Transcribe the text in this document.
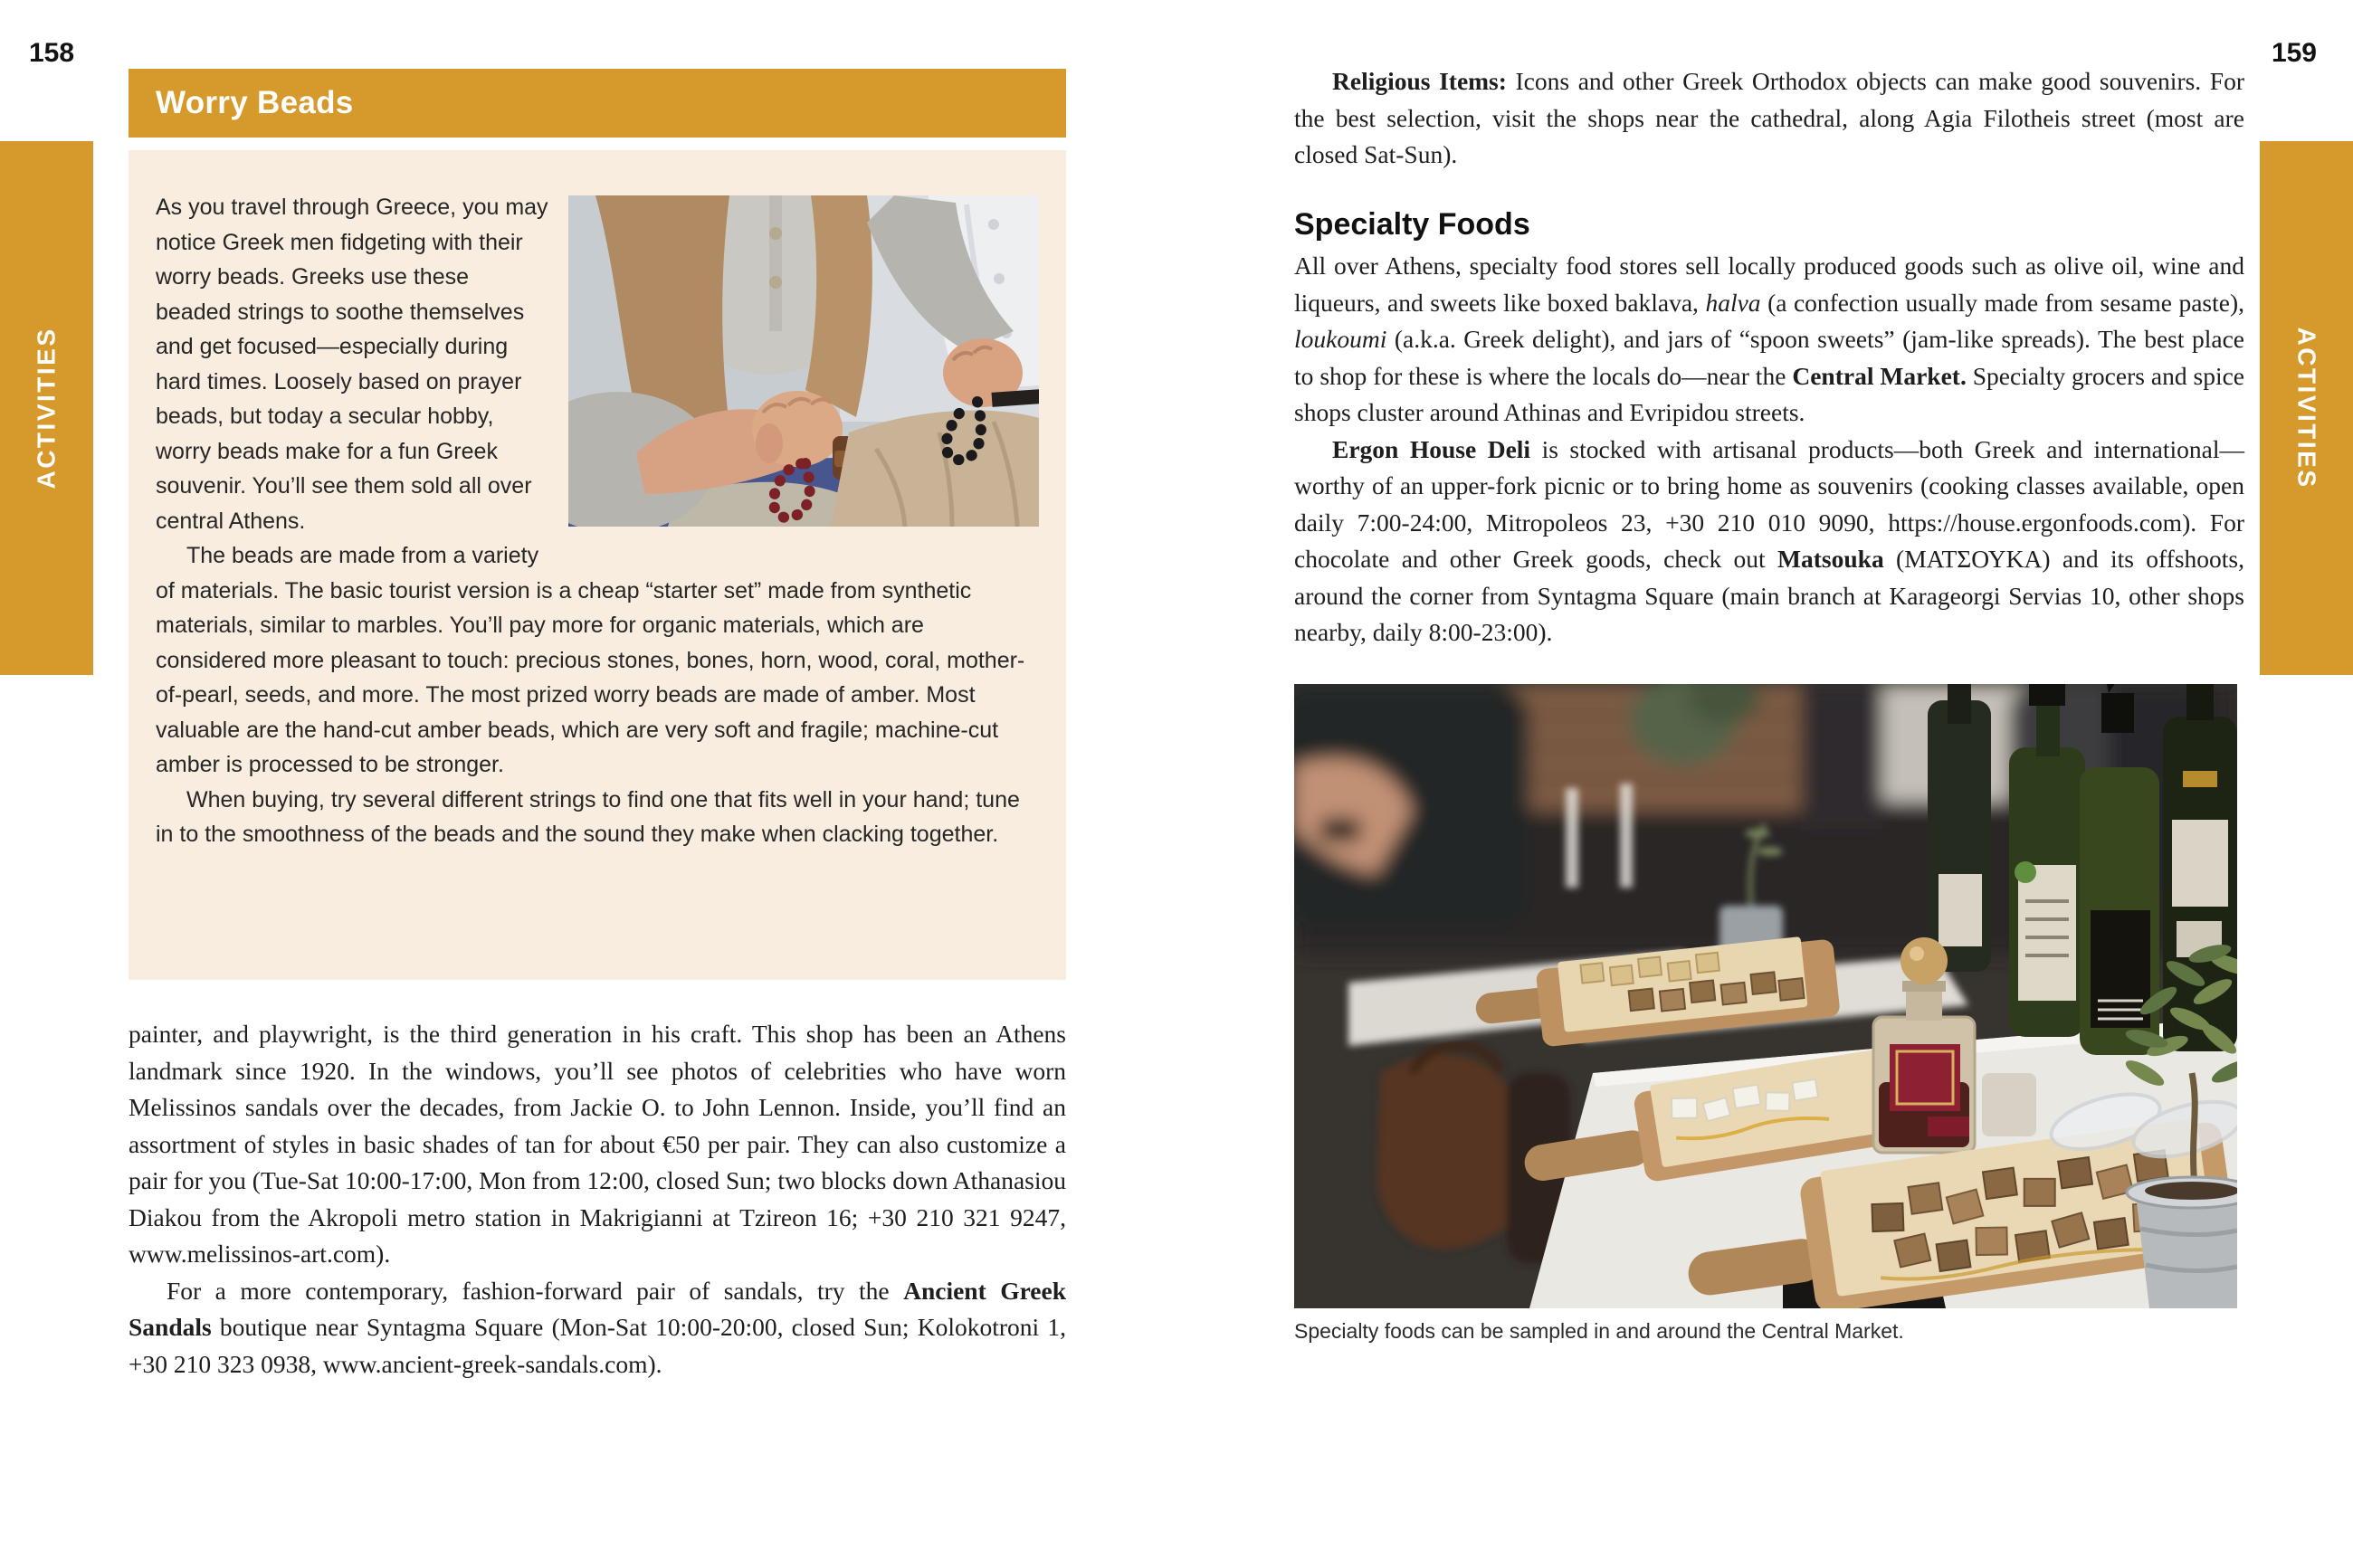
158	159
ACTIVITIES	ACTIVITIES
Worry Beads

As you travel through Greece, you may notice Greek men fidgeting with their worry beads. Greeks use these beaded strings to soothe themselves and get focused—especially during hard times. Loosely based on prayer beads, but today a secular hobby, worry beads make for a fun Greek souvenir. You’ll see them sold all over central Athens.

The beads are made from a variety of materials. The basic tourist version is a cheap “starter set” made from synthetic materials, similar to marbles. You’ll pay more for organic materials, which are considered more pleasant to touch: precious stones, bones, horn, wood, coral, mother-of-pearl, seeds, and more. The most prized worry beads are made of amber. Most valuable are the hand-cut amber beads, which are very soft and fragile; machine-cut amber is processed to be stronger.

When buying, try several different strings to find one that fits well in your hand; tune in to the smoothness of the beads and the sound they make when clacking together.

painter, and playwright, is the third generation in his craft. This shop has been an Athens landmark since 1920. In the windows, you’ll see photos of celebrities who have worn Melissinos sandals over the decades, from Jackie O. to John Lennon. Inside, you’ll find an assortment of styles in basic shades of tan for about €50 per pair. They can also customize a pair for you (Tue-Sat 10:00-17:00, Mon from 12:00, closed Sun; two blocks down Athanasiou Diakou from the Akropoli metro station in Makrigianni at Tzireon 16; +30 210 321 9247, www.melissinos-art.com).

For a more contemporary, fashion-forward pair of sandals, try the Ancient Greek Sandals boutique near Syntagma Square (Mon-Sat 10:00-20:00, closed Sun; Kolokotroni 1, +30 210 323 0938, www.ancient-greek-sandals.com).

Religious Items: Icons and other Greek Orthodox objects can make good souvenirs. For the best selection, visit the shops near the cathedral, along Agia Filotheis street (most are closed Sat-Sun).

Specialty Foods

All over Athens, specialty food stores sell locally produced goods such as olive oil, wine and liqueurs, and sweets like boxed baklava, halva (a confection usually made from sesame paste), loukoumi (a.k.a. Greek delight), and jars of “spoon sweets” (jam-like spreads). The best place to shop for these is where the locals do—near the Central Market. Specialty grocers and spice shops cluster around Athinas and Evripidou streets.

Ergon House Deli is stocked with artisanal products—both Greek and international—worthy of an upper-fork picnic or to bring home as souvenirs (cooking classes available, open daily 7:00-24:00, Mitropoleos 23, +30 210 010 9090, https://house.ergonfoods.com). For chocolate and other Greek goods, check out Matsouka (ΜΑΤΣΟΥΚΑ) and its offshoots, around the corner from Syntagma Square (main branch at Karageorgi Servias 10, other shops nearby, daily 8:00-23:00).

Specialty foods can be sampled in and around the Central Market.
